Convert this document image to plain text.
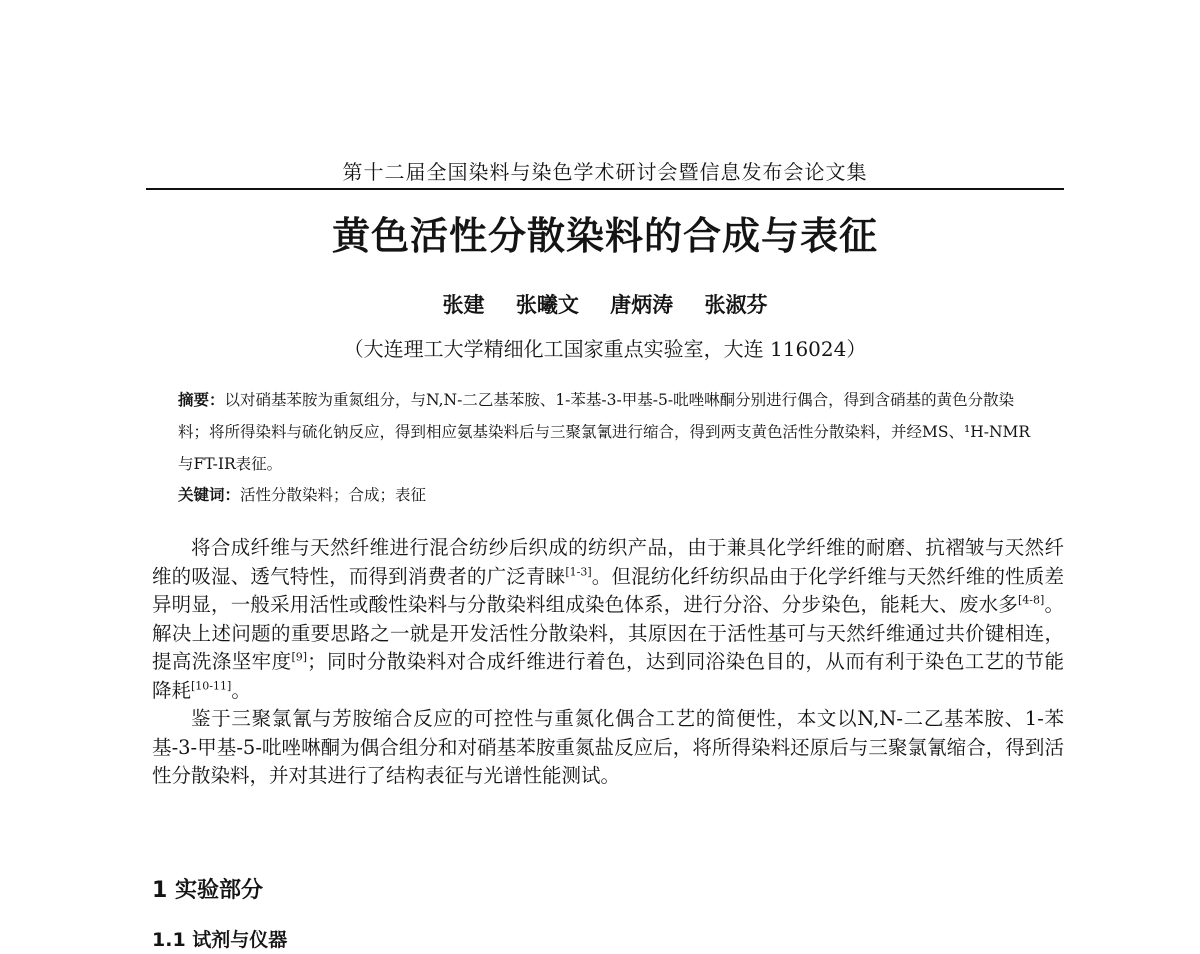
第十二届全国染料与染色学术研讨会暨信息发布会论文集
黄色活性分散染料的合成与表征
张建 张曦文 唐炳涛 张淑芬
（大连理工大学精细化工国家重点实验室，大连 116024）
摘要：以对硝基苯胺为重氮组分，与N,N-二乙基苯胺、1-苯基-3-甲基-5-吡唑啉酮分别进行偶合，得到含硝基的黄色分散染料；将所得染料与硫化钠反应，得到相应氨基染料后与三聚氯氰进行缩合，得到两支黄色活性分散染料，并经MS、¹H-NMR与FT-IR表征。
关键词：活性分散染料；合成；表征

将合成纤维与天然纤维进行混合纺纱后织成的纺织产品，由于兼具化学纤维的耐磨、抗褶皱与天然纤维的吸湿、透气特性，而得到消费者的广泛青睐[1-3]。但混纺化纤纺织品由于化学纤维与天然纤维的性质差异明显，一般采用活性或酸性染料与分散染料组成染色体系，进行分浴、分步染色，能耗大、废水多[4-8]。解决上述问题的重要思路之一就是开发活性分散染料，其原因在于活性基可与天然纤维通过共价键相连，提高洗涤坚牢度[9]；同时分散染料对合成纤维进行着色，达到同浴染色目的，从而有利于染色工艺的节能降耗[10-11]。

鉴于三聚氯氰与芳胺缩合反应的可控性与重氮化偶合工艺的简便性，本文以N,N-二乙基苯胺、1-苯基-3-甲基-5-吡唑啉酮为偶合组分和对硝基苯胺重氮盐反应后，将所得染料还原后与三聚氯氰缩合，得到活性分散染料，并对其进行了结构表征与光谱性能测试。

1 实验部分
1.1 试剂与仪器
